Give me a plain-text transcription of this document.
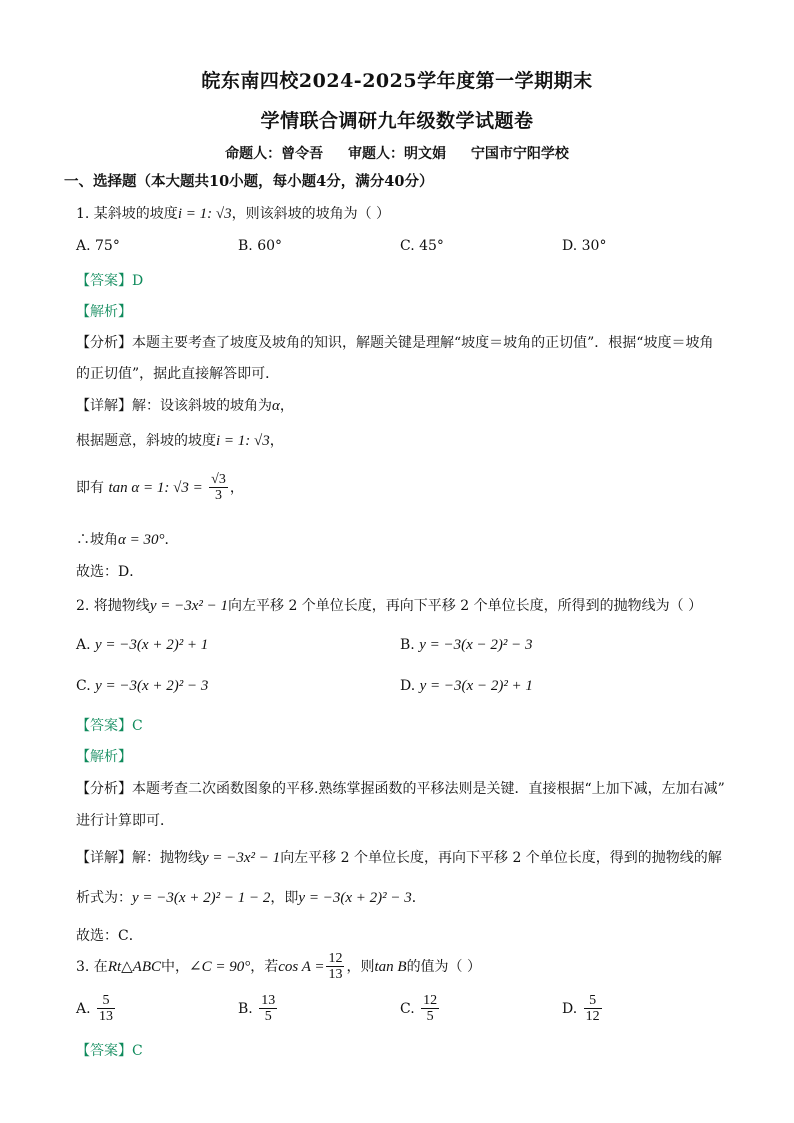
皖东南四校2024-2025学年度第一学期期末
学情联合调研九年级数学试题卷
命题人：曾令吾 审题人：明文娟 宁国市宁阳学校
一、选择题（本大题共10小题，每小题4分，满分40分）
1. 某斜坡的坡度i = 1: √3，则该斜坡的坡角为（ ）
A. 75°	B. 60°	C. 45°	D. 30°
【答案】D
【解析】
【分析】本题主要考查了坡度及坡角的知识，解题关键是理解“坡度＝坡角的正切值”．根据“坡度＝坡角
的正切值”，据此直接解答即可．
【详解】解：设该斜坡的坡角为α，
根据题意，斜坡的坡度i = 1: √3，
即有 tan α = 1: $√3 = \frac{√3}{3}$ ，
∴坡角α = 30°．
故选：D．
2. 将抛物线y = −3x² − 1向左平移 2 个单位长度，再向下平移 2 个单位长度，所得到的抛物线为（ ）
A. y = −3(x + 2)² + 1	B. y = −3(x − 2)² − 3
C. y = −3(x + 2)² − 3	D. y = −3(x − 2)² + 1
【答案】C
【解析】
【分析】本题考查二次函数图象的平移.熟练掌握函数的平移法则是关键．直接根据“上加下减，左加右减”
进行计算即可．
【详解】解：抛物线y = −3x² − 1向左平移 2 个单位长度，再向下平移 2 个单位长度，得到的抛物线的解
析式为：y = −3(x + 2)² − 1 − 2，即y = −3(x + 2)² − 3．
故选：C．
3. 在Rt△ABC中，∠C = 90°，若$\cos A = \frac{12}{13}$ ，则tan B的值为（ ）
A. $\frac{5}{13}$	B. $\frac{13}{5}$	C. $\frac{12}{5}$	D. $\frac{5}{12}$
【答案】C
